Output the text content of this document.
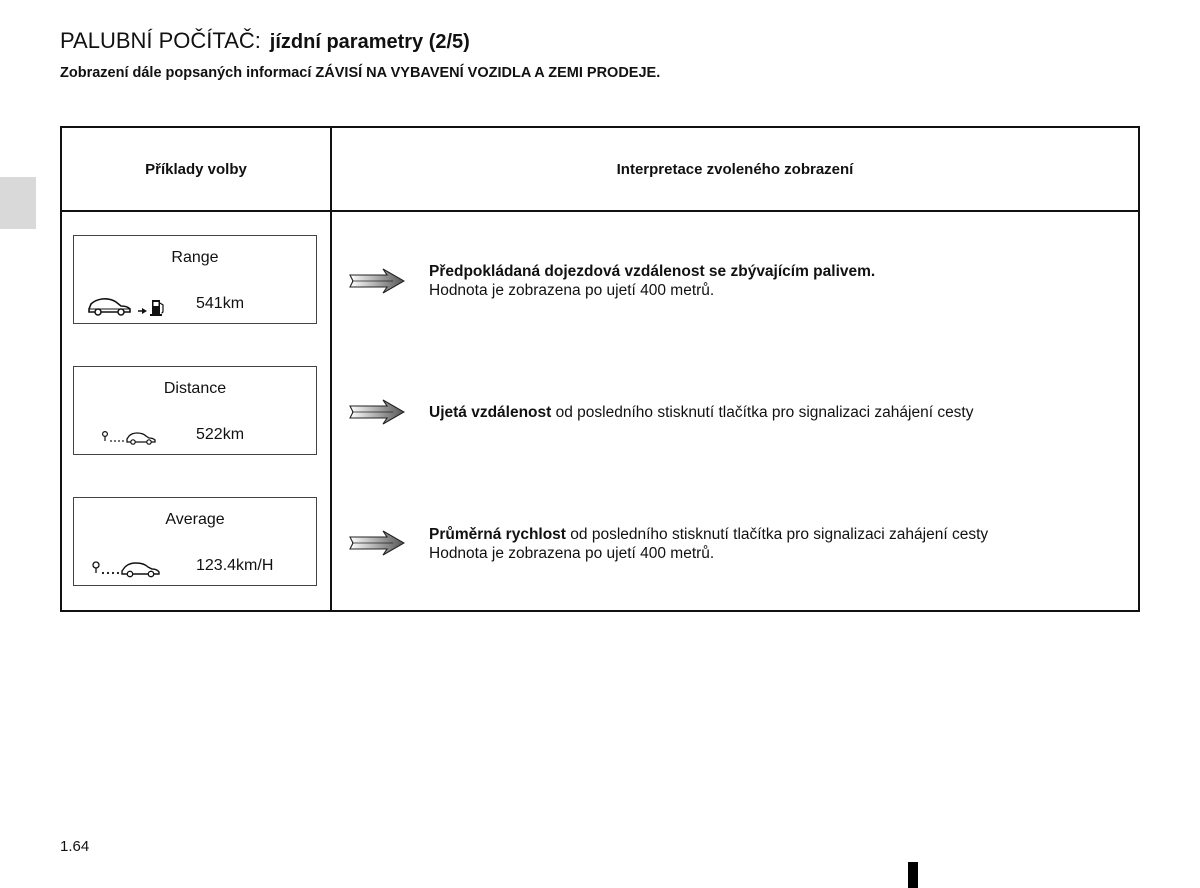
PALUBNÍ POČÍTAČ: jízdní parametry (2/5)
Zobrazení dále popsaných informací ZÁVISÍ NA VYBAVENÍ VOZIDLA A ZEMI PRODEJE.
Příklady volby	Interpretace zvoleného zobrazení
Range
541km
Předpokládaná dojezdová vzdálenost se zbývajícím palivem.
Hodnota je zobrazena po ujetí 400 metrů.
Distance
522km
Ujetá vzdálenost od posledního stisknutí tlačítka pro signalizaci zahájení cesty
Average
123.4km/H
Průměrná rychlost od posledního stisknutí tlačítka pro signalizaci zahájení cesty
Hodnota je zobrazena po ujetí 400 metrů.
1.64
